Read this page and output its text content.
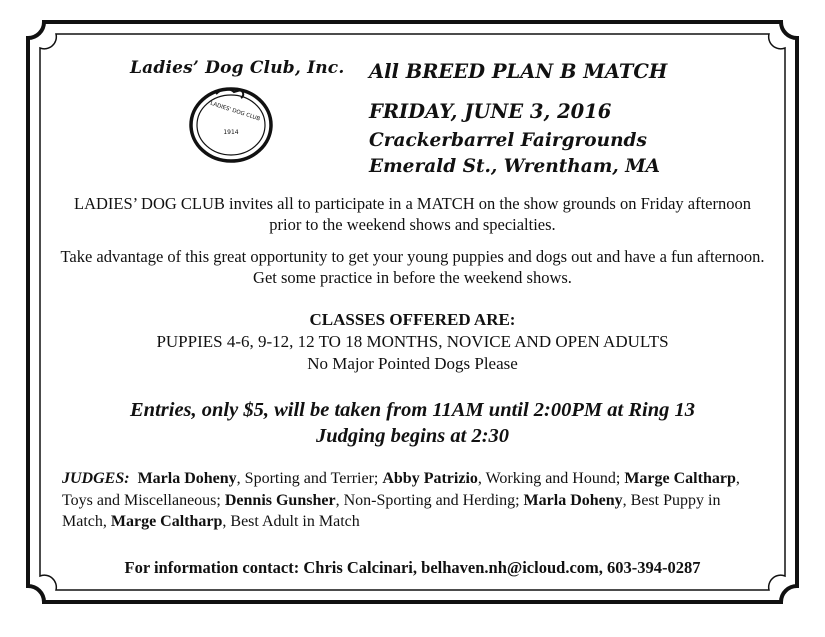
Ladies’ Dog Club, Inc.
LADIES' DOG CLUB
1914
All BREED PLAN B MATCH
FRIDAY, JUNE 3, 2016
Crackerbarrel Fairgrounds
Emerald St., Wrentham, MA
LADIES’ DOG CLUB invites all to participate in a MATCH on the show grounds on Friday afternoon prior to the weekend shows and specialties.
Take advantage of this great opportunity to get your young puppies and dogs out and have a fun afternoon. Get some practice in before the weekend shows.
CLASSES OFFERED ARE:
PUPPIES 4-6, 9-12, 12 TO 18 MONTHS, NOVICE AND OPEN ADULTS
No Major Pointed Dogs Please
Entries, only $5, will be taken from 11AM until 2:00PM at Ring 13
Judging begins at 2:30
JUDGES: Marla Doheny, Sporting and Terrier; Abby Patrizio, Working and Hound; Marge Caltharp, Toys and Miscellaneous; Dennis Gunsher, Non-Sporting and Herding; Marla Doheny, Best Puppy in Match, Marge Caltharp, Best Adult in Match
For information contact: Chris Calcinari, belhaven.nh@icloud.com, 603-394-0287
